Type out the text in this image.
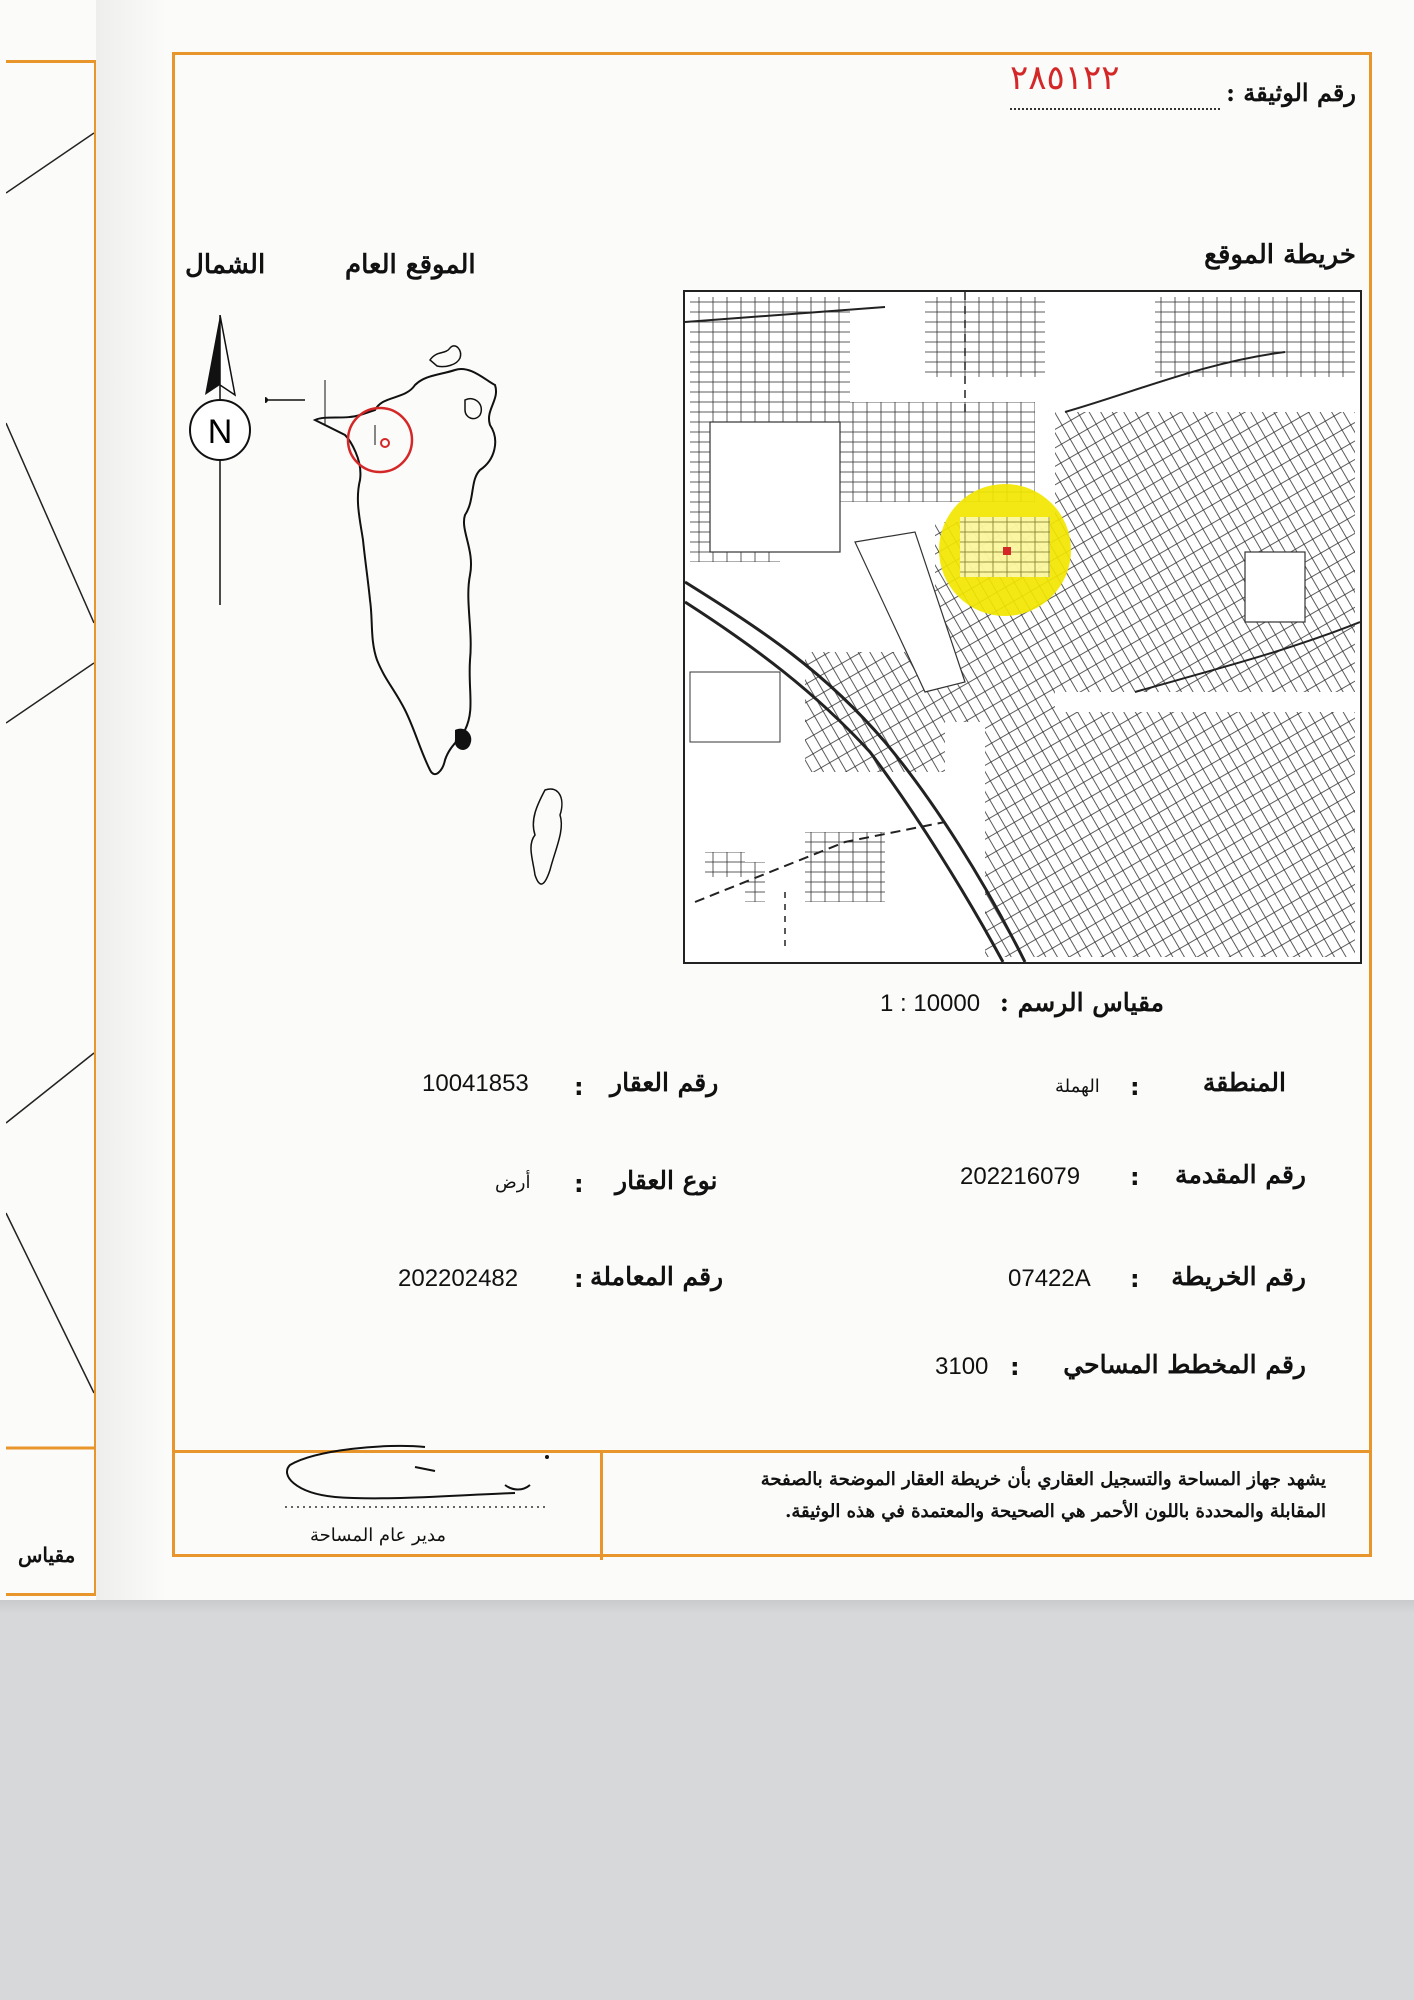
مقياس
رقم الوثيقة :
٢٨٥١٢٢
خريطة الموقع
الموقع العام
الشمال
N
مقياس الرسم :
1 : 10000
المنطقة
:
الهملة
رقم المقدمة
:
202216079
رقم الخريطة
:
07422A
رقم المخطط المساحي
:
3100
رقم العقار
:
10041853
نوع العقار
:
أرض
رقم المعاملة
:
202202482
يشهد جهاز المساحة والتسجيل العقاري بأن خريطة العقار الموضحة بالصفحة
المقابلة والمحددة باللون الأحمر هي الصحيحة والمعتمدة في هذه الوثيقة.
مدير عام المساحة
